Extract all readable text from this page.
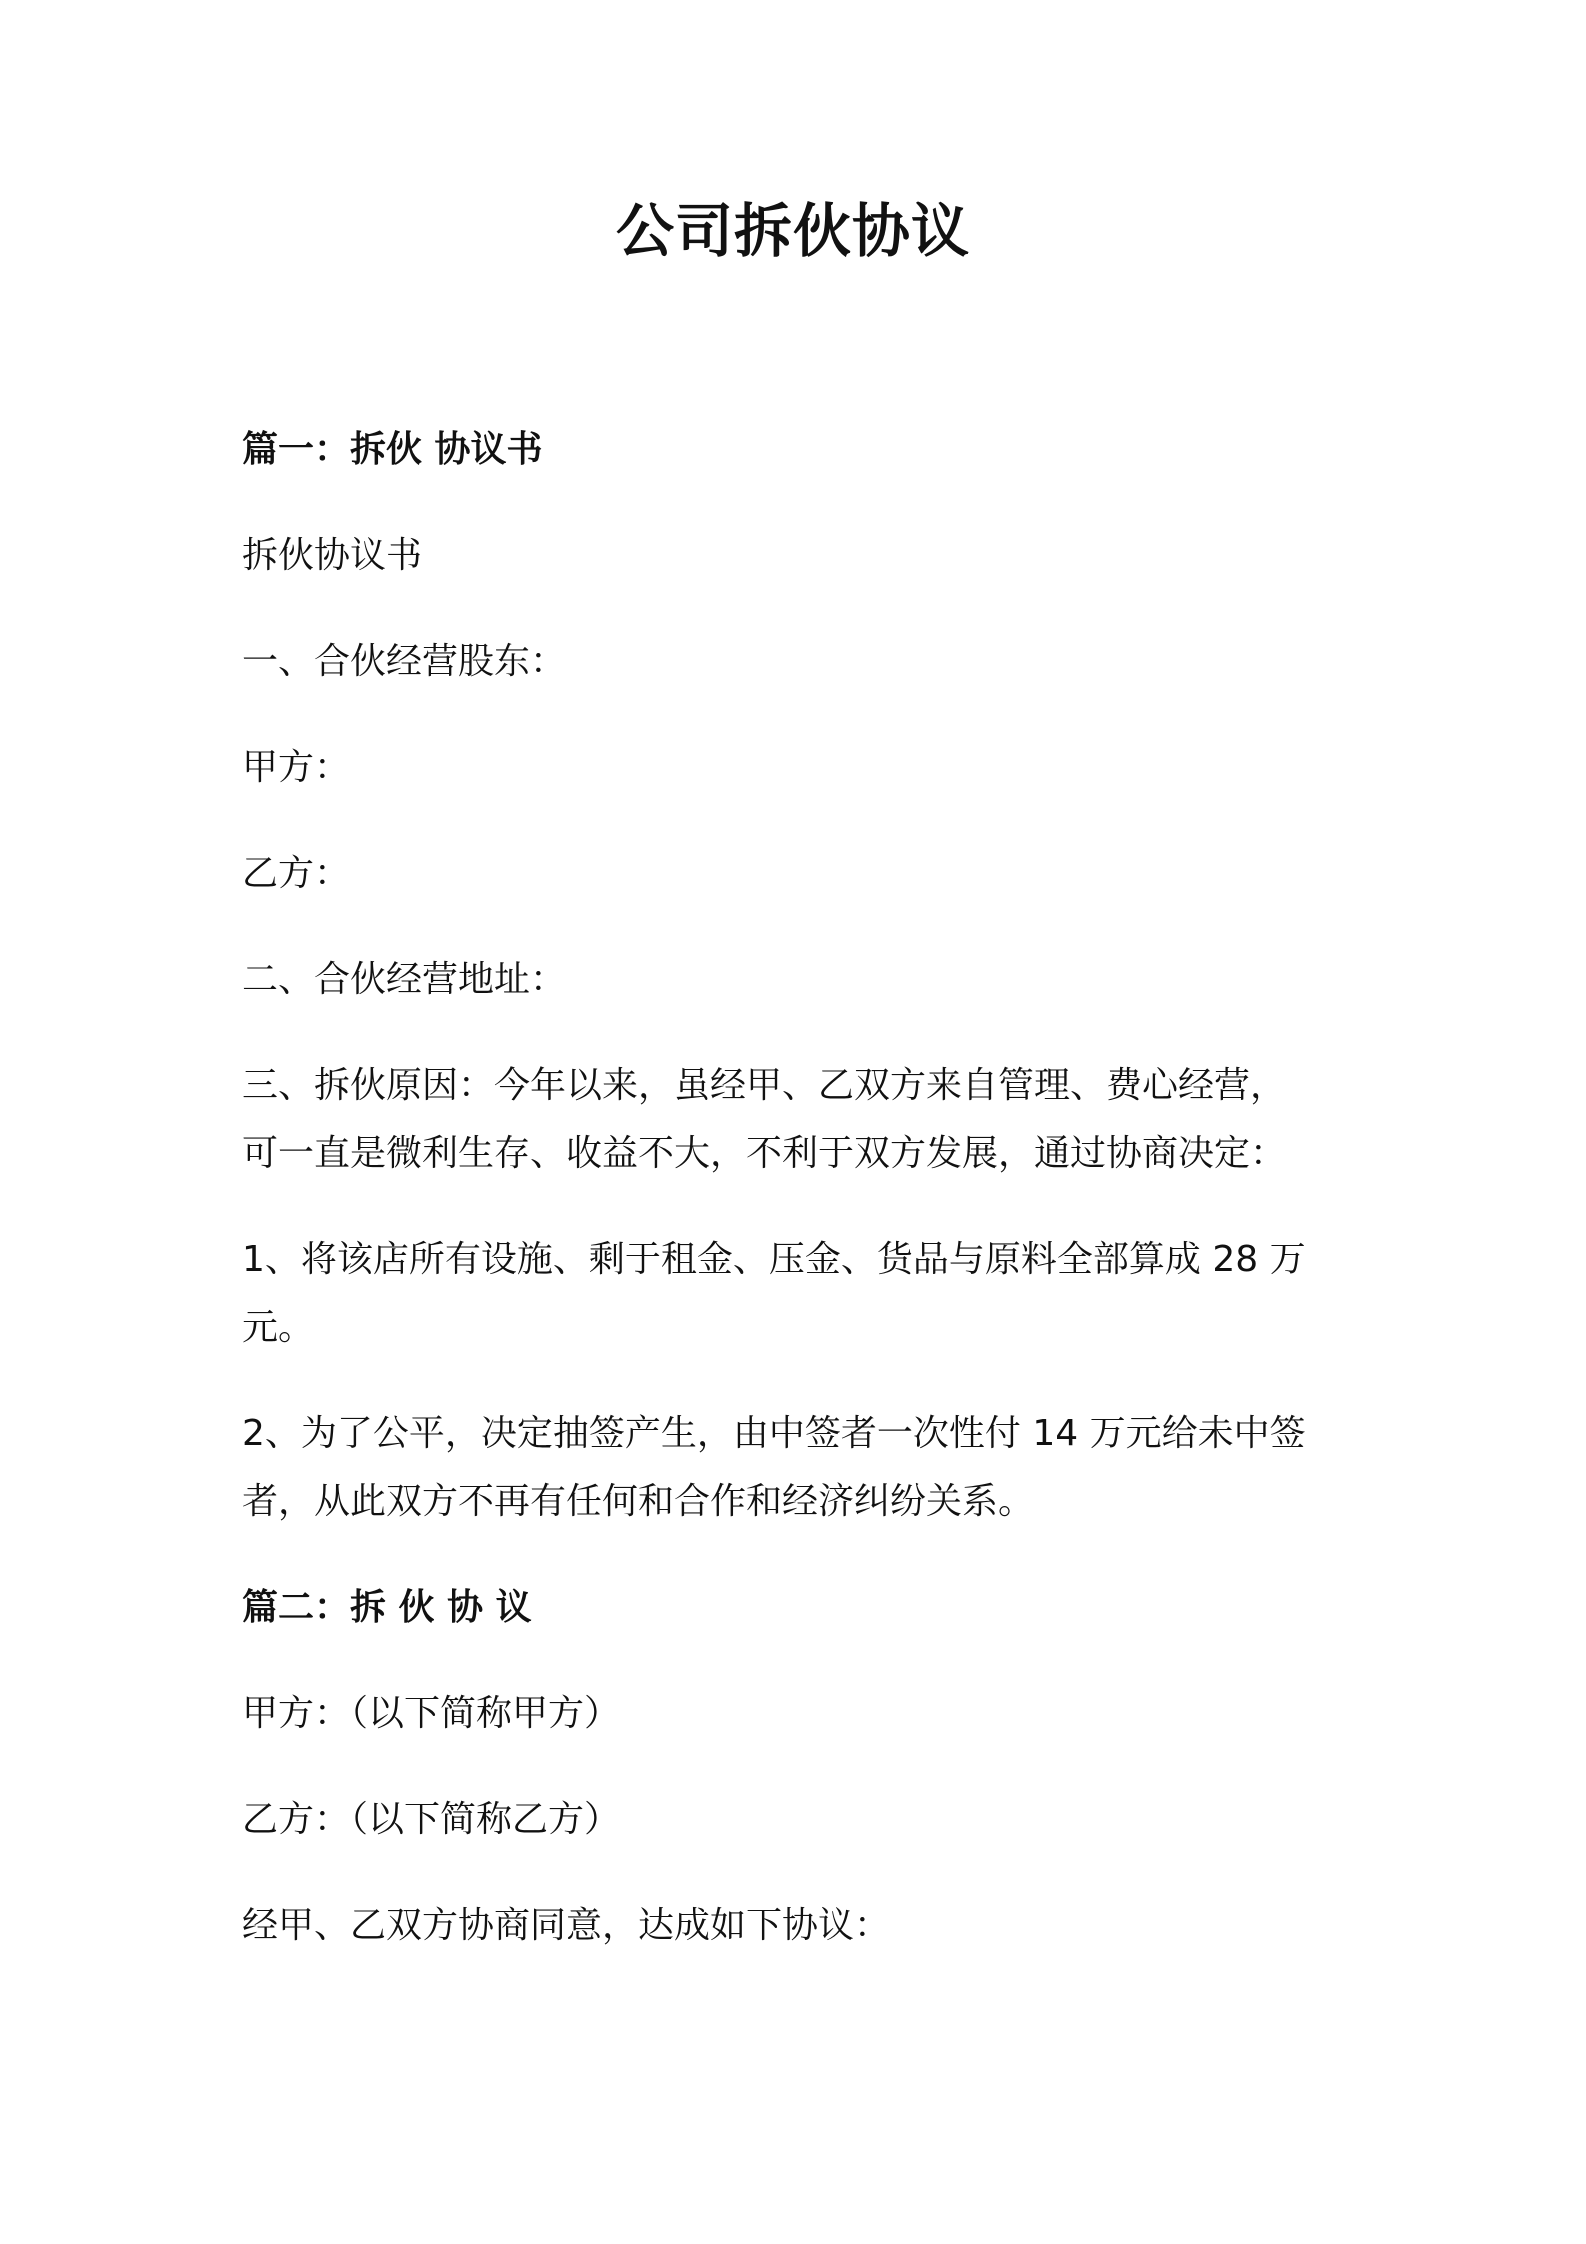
公司拆伙协议
篇一：拆伙 协议书
拆伙协议书
一、合伙经营股东：
甲方：
乙方：
二、合伙经营地址：
三、拆伙原因：今年以来，虽经甲、乙双方来自管理、费心经营，
可一直是微利生存、收益不大，不利于双方发展，通过协商决定：
1、将该店所有设施、剩于租金、压金、货品与原料全部算成 28 万
元。
2、为了公平，决定抽签产生，由中签者一次性付 14 万元给未中签
者，从此双方不再有任何和合作和经济纠纷关系。
篇二：拆 伙 协 议
甲方：（以下简称甲方）
乙方：（以下简称乙方）
经甲、乙双方协商同意，达成如下协议：
